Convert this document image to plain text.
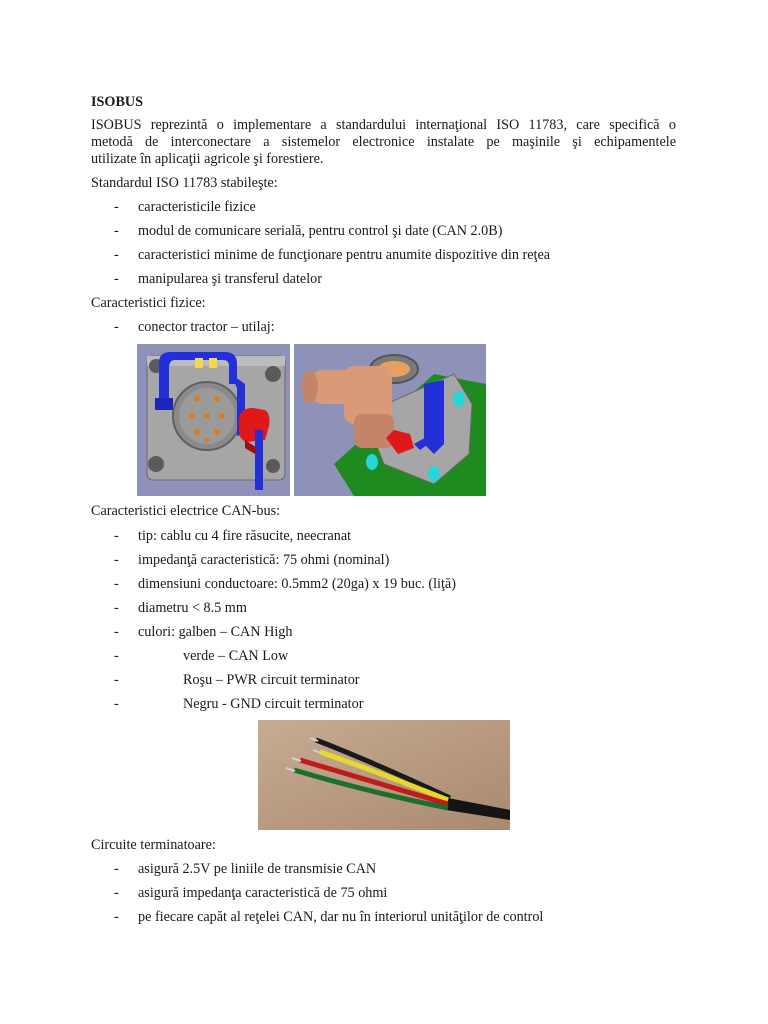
ISOBUS
ISOBUS reprezintă o implementare a standardului internaţional ISO 11783, care specifică o
metodă de interconectare a sistemelor electronice instalate pe maşinile şi echipamentele
utilizate în aplicaţii agricole şi forestiere.
Standardul ISO 11783 stabileşte:
- caracteristicile fizice
- modul de comunicare serială, pentru control şi date (CAN 2.0B)
- caracteristici minime de funcţionare pentru anumite dispozitive din reţea
- manipularea şi transferul datelor
Caracteristici fizice:
- conector tractor – utilaj:
Caracteristici electrice CAN-bus:
- tip: cablu cu 4 fire răsucite, neecranat
- impedanţă caracteristică: 75 ohmi (nominal)
- dimensiuni conductoare: 0.5mm2 (20ga) x 19 buc. (liţă)
- diametru < 8.5 mm
- culori: galben – CAN High
-	verde – CAN Low
-	Roşu – PWR circuit terminator
-	Negru - GND circuit terminator
Circuite terminatoare:
- asigură 2.5V pe liniile de transmisie CAN
- asigură impedanţa caracteristică de 75 ohmi
- pe fiecare capăt al reţelei CAN, dar nu în interiorul unităţilor de control
